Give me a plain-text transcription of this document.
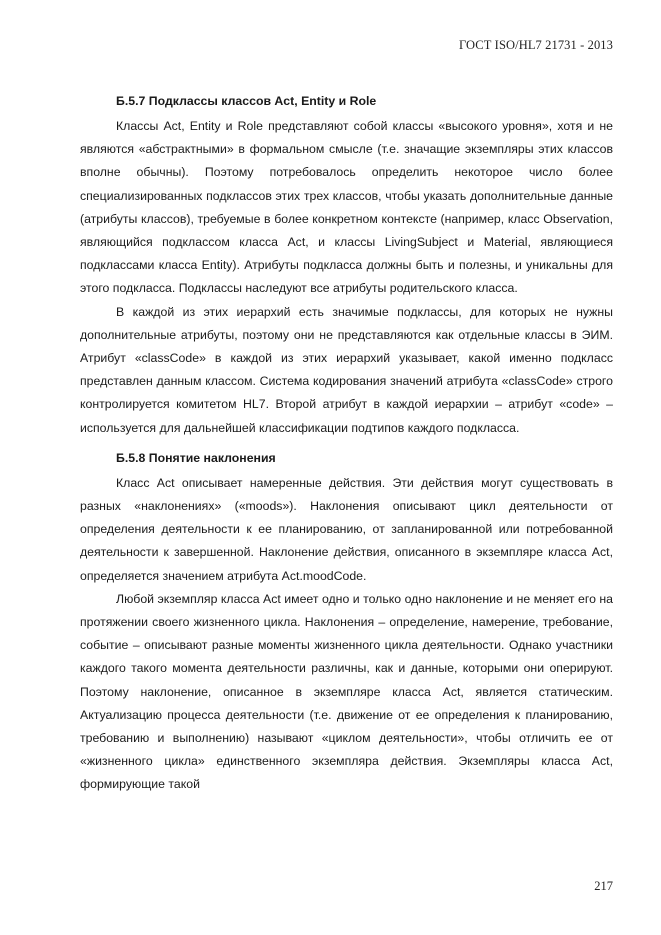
ГОСТ ISO/HL7 21731 - 2013
Б.5.7 Подклассы классов Act, Entity и Role

Классы Act, Entity и Role представляют собой классы «высокого уровня», хотя и не являются «абстрактными» в формальном смысле (т.е. значащие экземпляры этих классов вполне обычны). Поэтому потребовалось определить некоторое число более специализированных подклассов этих трех классов, чтобы указать дополнительные данные (атрибуты классов), требуемые в более конкретном контексте (например, класс Observation, являющийся подклассом класса Act, и классы LivingSubject и Material, являющиеся подклассами класса Entity). Атрибуты подкласса должны быть и полезны, и уникальны для этого подкласса. Подклассы наследуют все атрибуты родительского класса.

В каждой из этих иерархий есть значимые подклассы, для которых не нужны дополнительные атрибуты, поэтому они не представляются как отдельные классы в ЭИМ. Атрибут «classCode» в каждой из этих иерархий указывает, какой именно подкласс представлен данным классом. Система кодирования значений атрибута «classCode» строго контролируется комитетом HL7. Второй атрибут в каждой иерархии – атрибут «code» – используется для дальнейшей классификации подтипов каждого подкласса.

Б.5.8 Понятие наклонения

Класс Act описывает намеренные действия. Эти действия могут существовать в разных «наклонениях» («moods»). Наклонения описывают цикл деятельности от определения деятельности к ее планированию, от запланированной или потребованной деятельности к завершенной. Наклонение действия, описанного в экземпляре класса Act, определяется значением атрибута Act.moodCode.

Любой экземпляр класса Act имеет одно и только одно наклонение и не меняет его на протяжении своего жизненного цикла. Наклонения – определение, намерение, требование, событие – описывают разные моменты жизненного цикла деятельности. Однако участники каждого такого момента деятельности различны, как и данные, которыми они оперируют. Поэтому наклонение, описанное в экземпляре класса Act, является статическим. Актуализацию процесса деятельности (т.е. движение от ее определения к планированию, требованию и выполнению) называют «циклом деятельности», чтобы отличить ее от «жизненного цикла» единственного экземпляра действия. Экземпляры класса Act, формирующие такой

217
